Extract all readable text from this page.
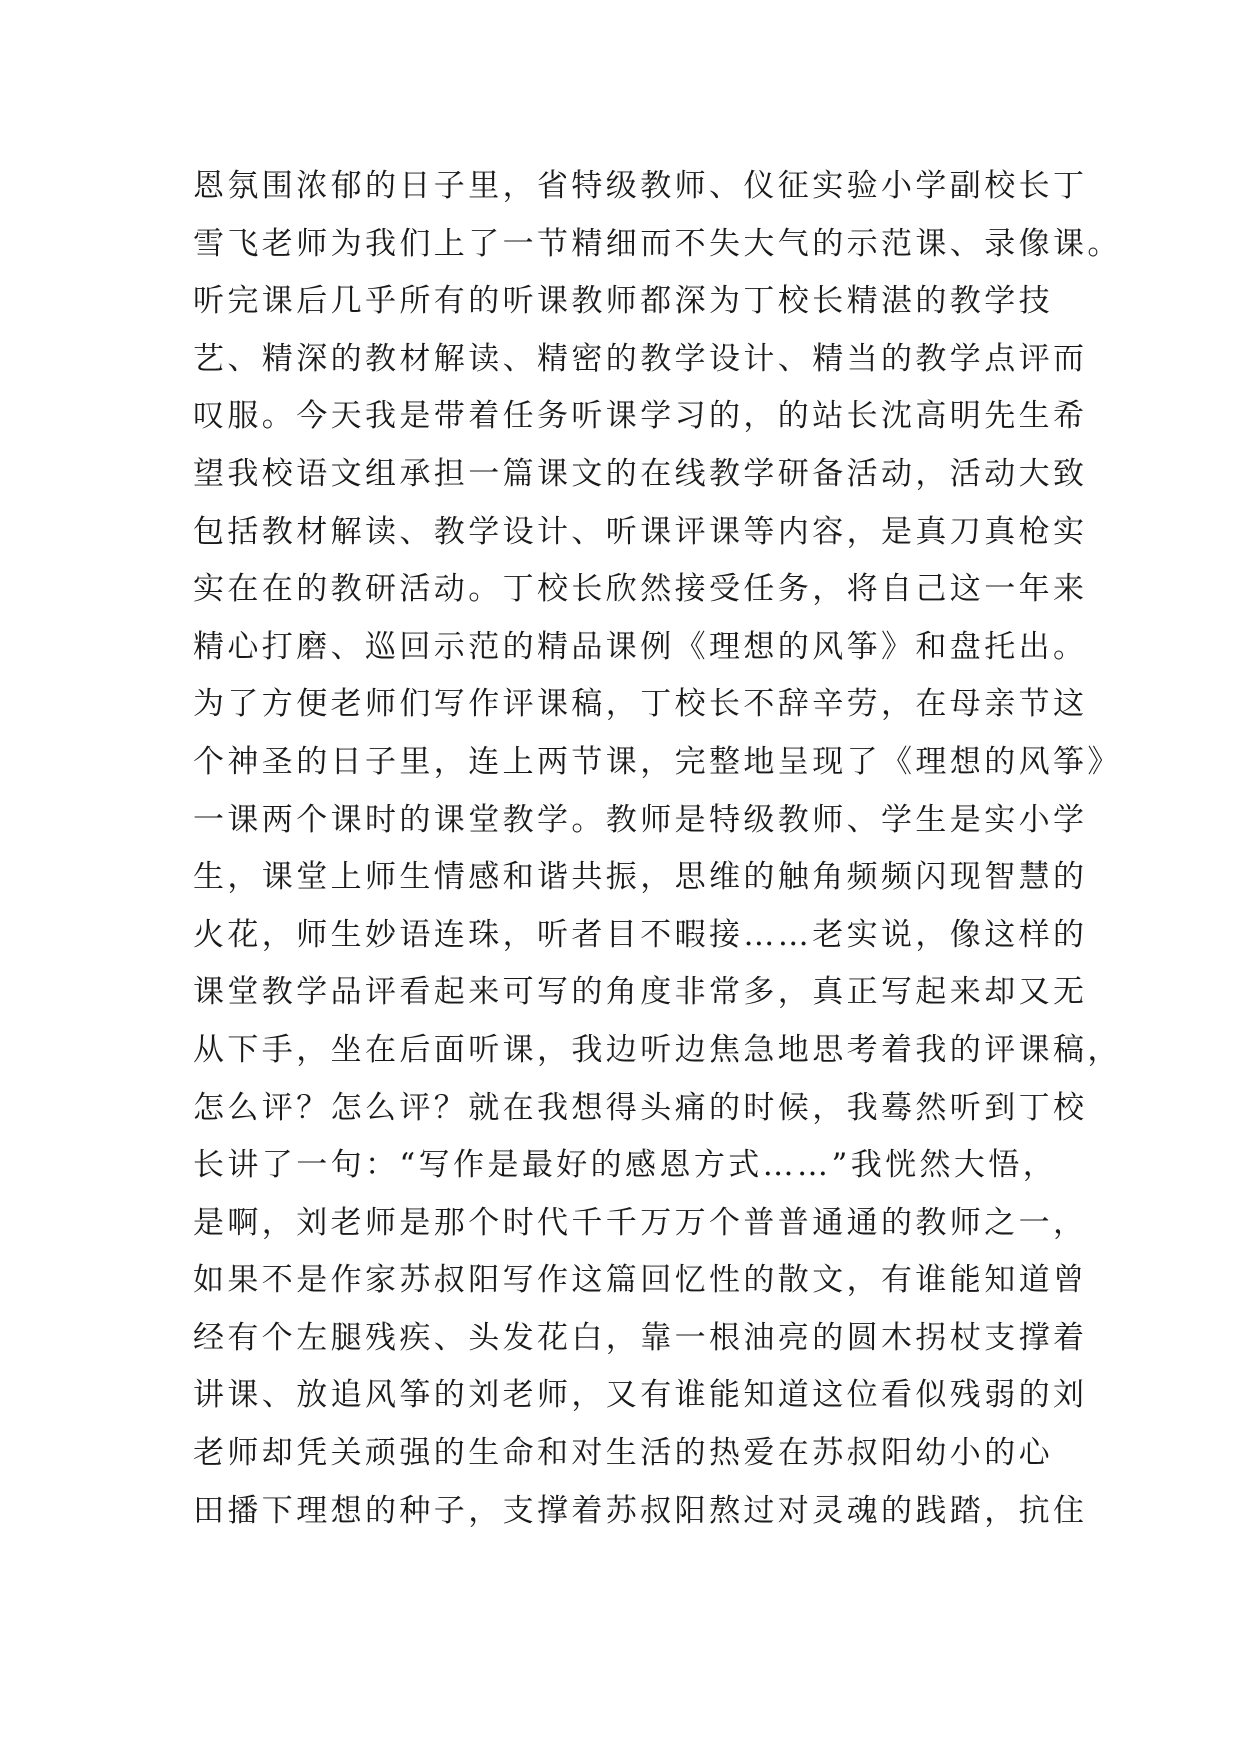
恩氛围浓郁的日子里，省特级教师、仪征实验小学副校长丁
雪飞老师为我们上了一节精细而不失大气的示范课、录像课。
听完课后几乎所有的听课教师都深为丁校长精湛的教学技
艺、精深的教材解读、精密的教学设计、精当的教学点评而
叹服。今天我是带着任务听课学习的，的站长沈高明先生希
望我校语文组承担一篇课文的在线教学研备活动，活动大致
包括教材解读、教学设计、听课评课等内容，是真刀真枪实
实在在的教研活动。丁校长欣然接受任务，将自己这一年来
精心打磨、巡回示范的精品课例《理想的风筝》和盘托出。
为了方便老师们写作评课稿，丁校长不辞辛劳，在母亲节这
个神圣的日子里，连上两节课，完整地呈现了《理想的风筝》
一课两个课时的课堂教学。教师是特级教师、学生是实小学
生，课堂上师生情感和谐共振，思维的触角频频闪现智慧的
火花，师生妙语连珠，听者目不暇接……老实说，像这样的
课堂教学品评看起来可写的角度非常多，真正写起来却又无
从下手，坐在后面听课，我边听边焦急地思考着我的评课稿，
怎么评？怎么评？就在我想得头痛的时候，我蓦然听到丁校
长讲了一句：“写作是最好的感恩方式……”我恍然大悟，
是啊，刘老师是那个时代千千万万个普普通通的教师之一，
如果不是作家苏叔阳写作这篇回忆性的散文，有谁能知道曾
经有个左腿残疾、头发花白，靠一根油亮的圆木拐杖支撑着
讲课、放追风筝的刘老师，又有谁能知道这位看似残弱的刘
老师却凭关顽强的生命和对生活的热爱在苏叔阳幼小的心
田播下理想的种子，支撑着苏叔阳熬过对灵魂的践踏，抗住
